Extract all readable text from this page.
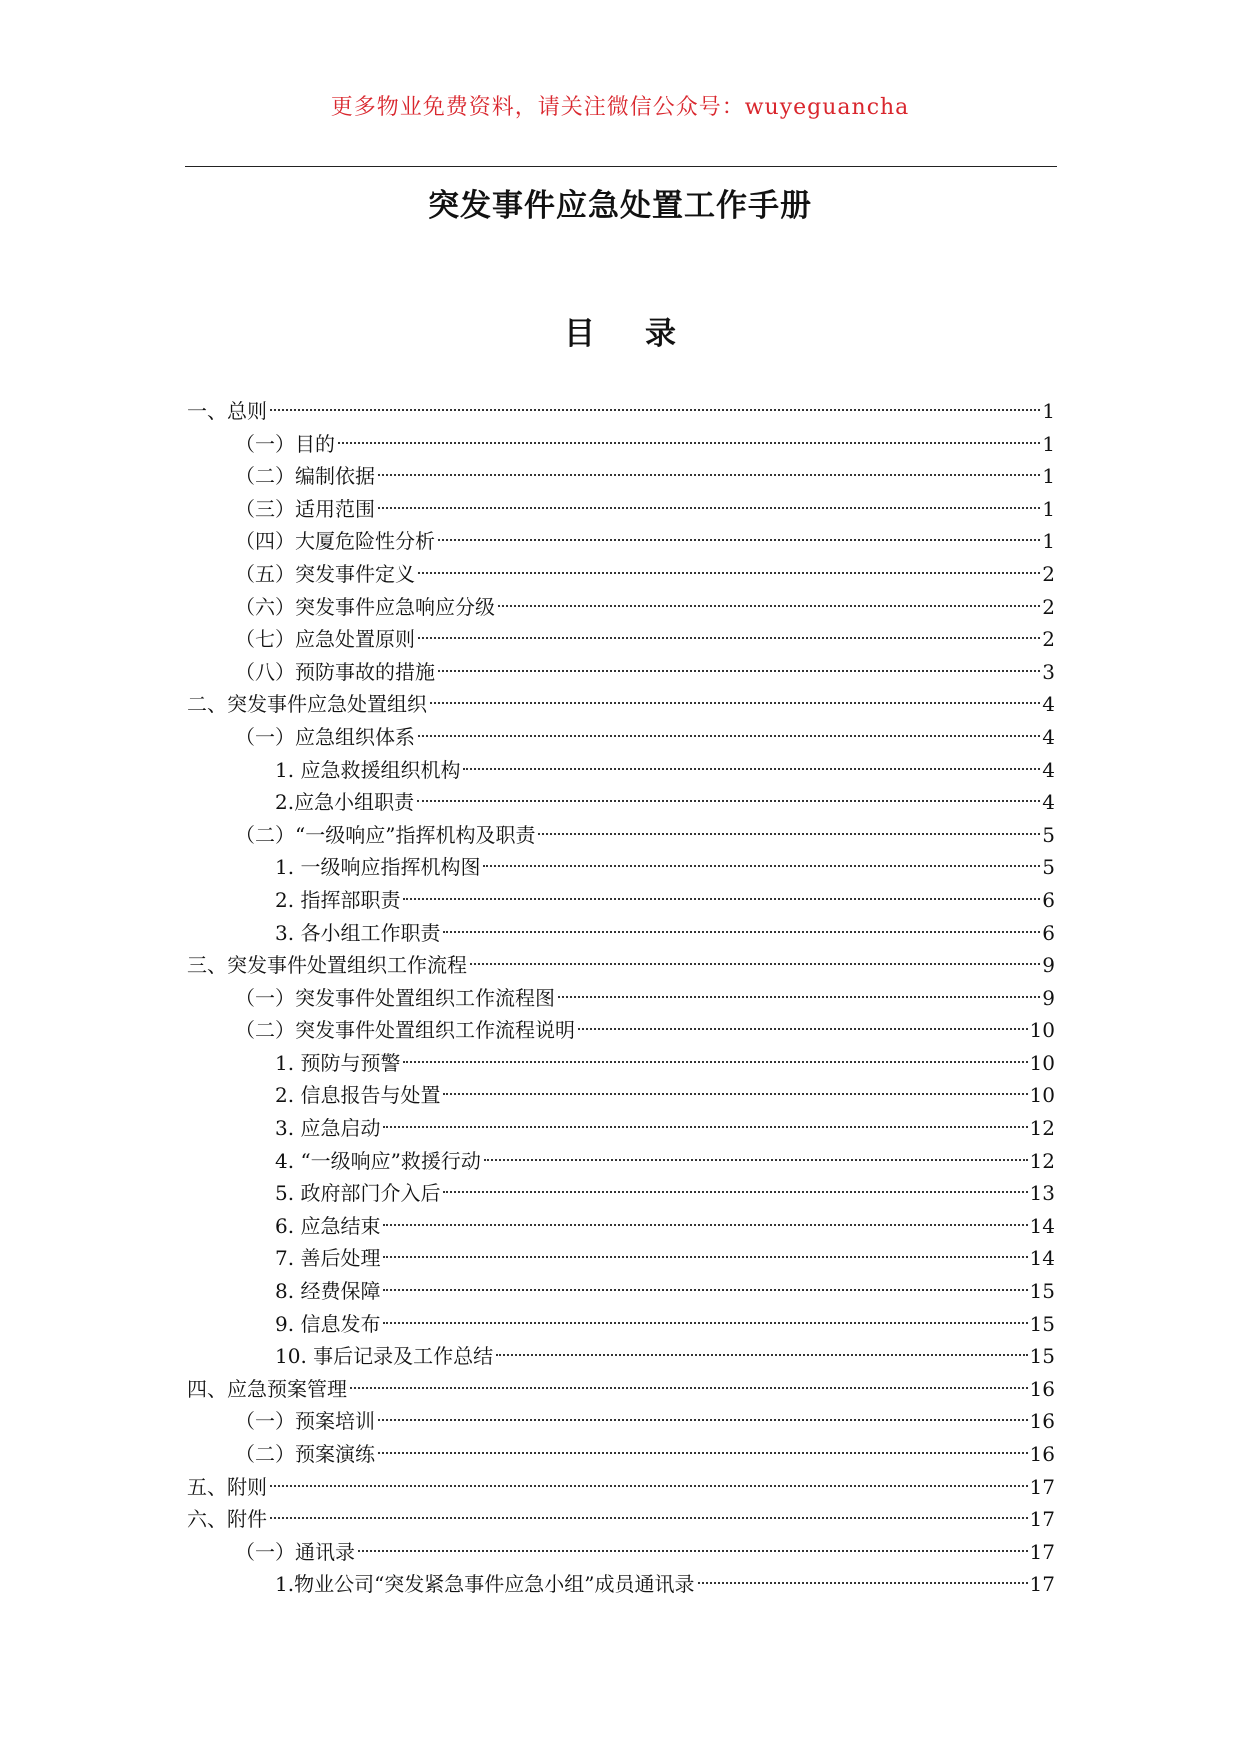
更多物业免费资料，请关注微信公众号：wuyeguancha
突发事件应急处置工作手册
目录
一、总则	1
（一）目的	1
（二）编制依据	1
（三）适用范围	1
（四）大厦危险性分析	1
（五）突发事件定义	2
（六）突发事件应急响应分级	2
（七）应急处置原则	2
（八）预防事故的措施	3
二、突发事件应急处置组织	4
（一）应急组织体系	4
1. 应急救援组织机构	4
2.应急小组职责	4
（二）“一级响应”指挥机构及职责	5
1. 一级响应指挥机构图	5
2. 指挥部职责	6
3. 各小组工作职责	6
三、突发事件处置组织工作流程	9
（一）突发事件处置组织工作流程图	9
（二）突发事件处置组织工作流程说明	10
1. 预防与预警	10
2. 信息报告与处置	10
3. 应急启动	12
4. “一级响应”救援行动	12
5. 政府部门介入后	13
6. 应急结束	14
7. 善后处理	14
8. 经费保障	15
9. 信息发布	15
10. 事后记录及工作总结	15
四、应急预案管理	16
（一）预案培训	16
（二）预案演练	16
五、附则	17
六、附件	17
（一）通讯录	17
1.物业公司“突发紧急事件应急小组”成员通讯录	17
